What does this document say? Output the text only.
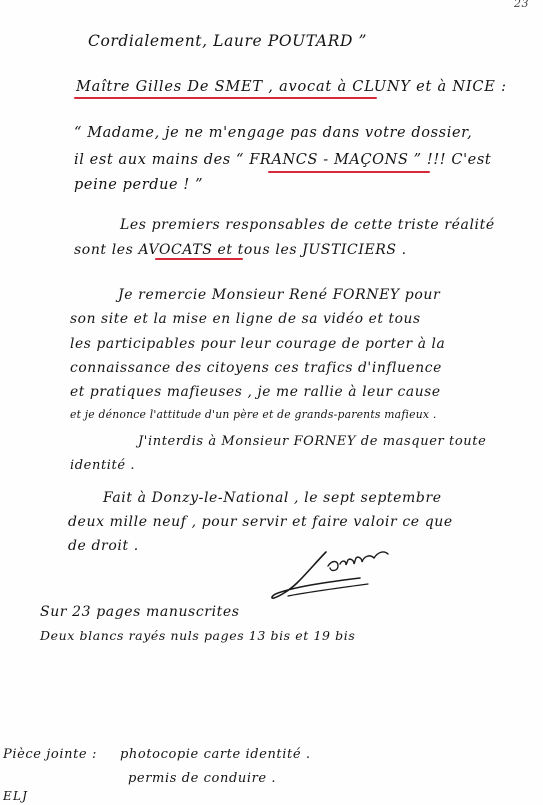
23
Cordialement, Laure POUTARD ”
Maître Gilles De SMET , avocat à CLUNY et à NICE :
“ Madame, je ne m'engage pas dans votre dossier,
il est aux mains des “ FRANCS - MAÇONS ” !!! C'est
peine perdue ! ”
Les premiers responsables de cette triste réalité
sont les AVOCATS et tous les JUSTICIERS .
Je remercie Monsieur René FORNEY pour
son site et la mise en ligne de sa vidéo et tous
les participables pour leur courage de porter à la
connaissance des citoyens ces trafics d'influence
et pratiques mafieuses , je me rallie à leur cause
et je dénonce l'attitude d'un père et de grands-parents mafieux .
J'interdis à Monsieur FORNEY de masquer toute
identité .
Fait à Donzy-le-National , le sept septembre
deux mille neuf , pour servir et faire valoir ce que
de droit .
Sur 23 pages manuscrites
Deux blancs rayés nuls pages 13 bis et 19 bis
Pièce jointe : photocopie carte identité .
permis de conduire .
ELJ
